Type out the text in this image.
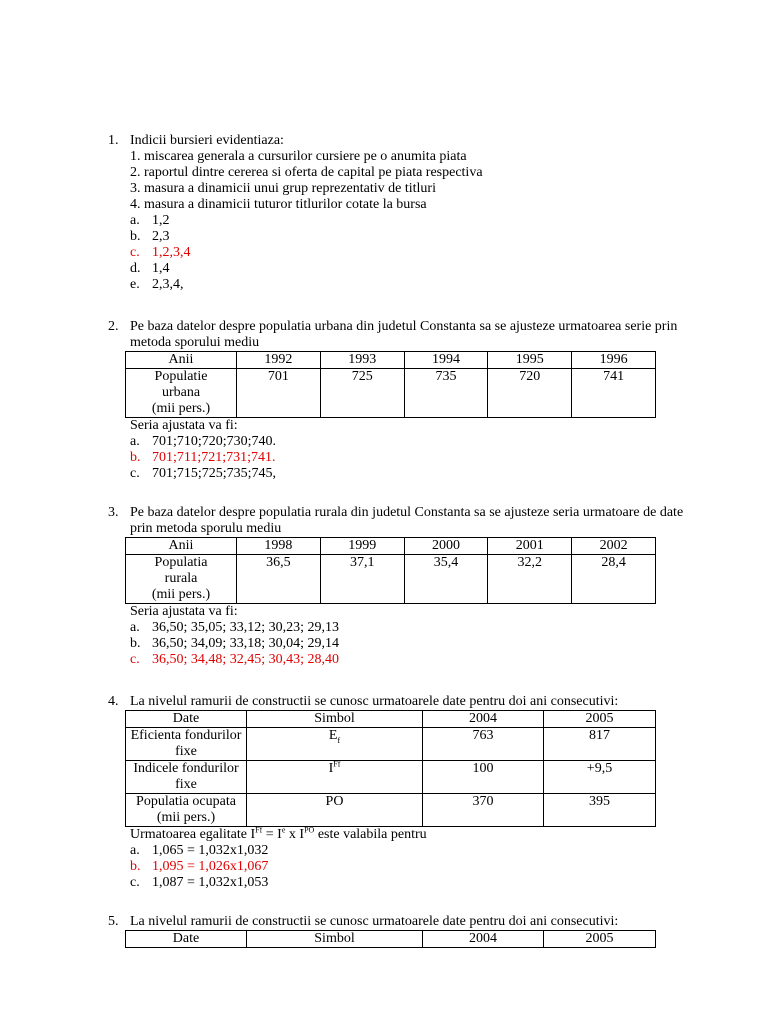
1. Indicii bursieri evidentiaza:
1. miscarea generala a cursurilor cursiere pe o anumita piata
2. raportul dintre cererea si oferta de capital pe piata respectiva
3. masura a dinamicii unui grup reprezentativ de titluri
4. masura a dinamicii tuturor titlurilor cotate la bursa
a. 1,2
b. 2,3
c. 1,2,3,4
d. 1,4
e. 2,3,4,
2. Pe baza datelor despre populatia urbana din judetul Constanta sa se ajusteze urmatoarea serie prin metoda sporului mediu
Anii	1992	1993	1994	1995	1996

Populatie
urbana
(mii pers.)	701	725	735	720	741
Seria ajustata va fi:
a. 701;710;720;730;740.
b. 701;711;721;731;741.
c. 701;715;725;735;745,
3. Pe baza datelor despre populatia rurala din judetul Constanta sa se ajusteze seria urmatoare de date prin metoda sporulu mediu
Anii	1998	1999	2000	2001	2002

Populatia
rurala
(mii pers.)	36,5	37,1	35,4	32,2	28,4
Seria ajustata va fi:
a. 36,50; 35,05; 33,12; 30,23; 29,13
b. 36,50; 34,09; 33,18; 30,04; 29,14
c. 36,50; 34,48; 32,45; 30,43; 28,40
4. La nivelul ramurii de constructii se cunosc urmatoarele date pentru doi ani consecutivi:
Date	Simbol	2004	2005

Eficienta fondurilor
fixe	$E_f$	763	817

Indicele fondurilor
fixe	$I^{Ff}$	100	+9,5

Populatia ocupata
(mii pers.)	PO	370	395
Urmatoarea egalitate $I^{Ff} = I^e$ x $I^{PO}$ este valabila pentru
a. 1,065 = 1,032x1,032
b. 1,095 = 1,026x1,067
c. 1,087 = 1,032x1,053
5. La nivelul ramurii de constructii se cunosc urmatoarele date pentru doi ani consecutivi:
Date	Simbol	2004	2005
